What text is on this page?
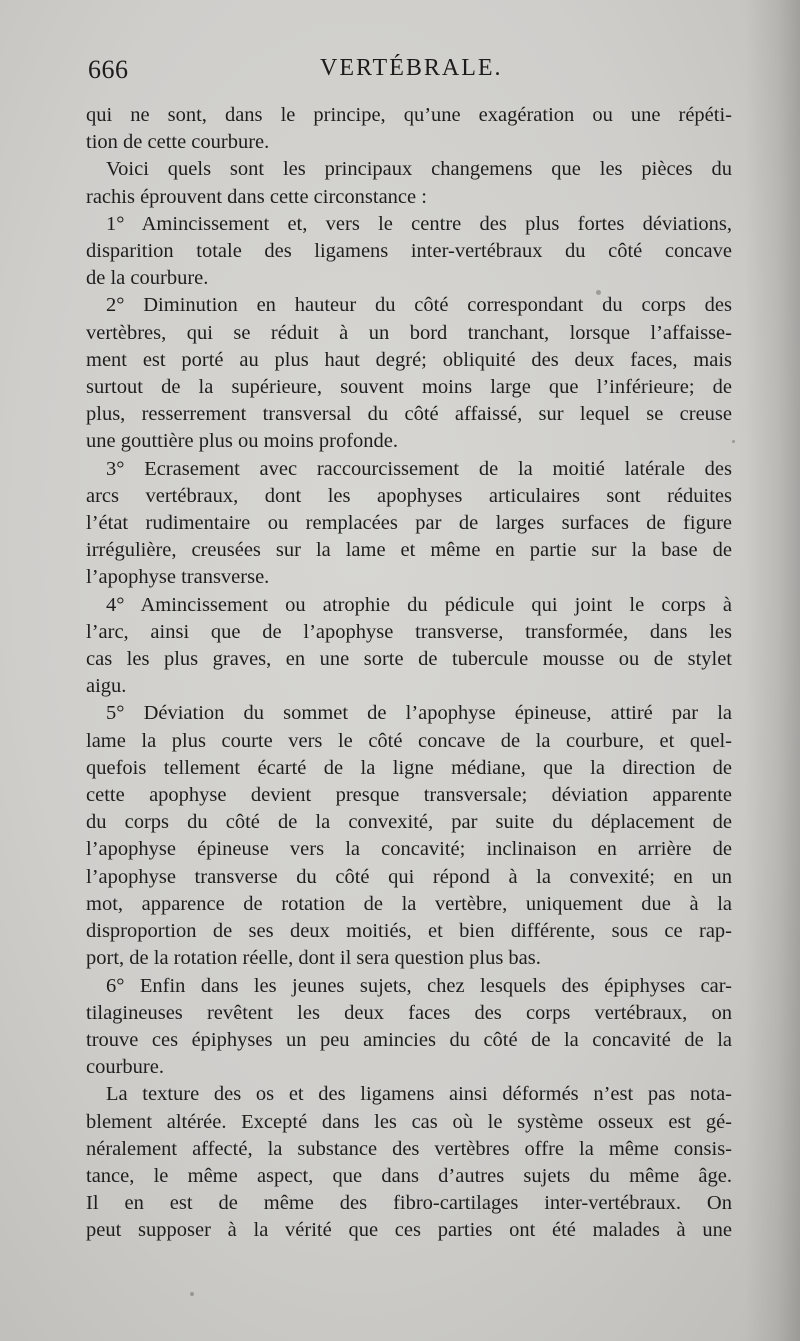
666	VERTÉBRALE.

qui ne sont, dans le principe, qu’une exagération ou une répéti-
tion de cette courbure.

Voici quels sont les principaux changemens que les pièces du
rachis éprouvent dans cette circonstance :

1° Amincissement et, vers le centre des plus fortes déviations,
disparition totale des ligamens inter-vertébraux du côté concave
de la courbure.

2° Diminution en hauteur du côté correspondant du corps des
vertèbres, qui se réduit à un bord tranchant, lorsque l’affaisse-
ment est porté au plus haut degré; obliquité des deux faces, mais
surtout de la supérieure, souvent moins large que l’inférieure; de
plus, resserrement transversal du côté affaissé, sur lequel se creuse
une gouttière plus ou moins profonde.

3° Ecrasement avec raccourcissement de la moitié latérale des
arcs vertébraux, dont les apophyses articulaires sont réduites
l’état rudimentaire ou remplacées par de larges surfaces de figure
irrégulière, creusées sur la lame et même en partie sur la base de
l’apophyse transverse.

4° Amincissement ou atrophie du pédicule qui joint le corps à
l’arc, ainsi que de l’apophyse transverse, transformée, dans les
cas les plus graves, en une sorte de tubercule mousse ou de stylet
aigu.

5° Déviation du sommet de l’apophyse épineuse, attiré par la
lame la plus courte vers le côté concave de la courbure, et quel-
quefois tellement écarté de la ligne médiane, que la direction de
cette apophyse devient presque transversale; déviation apparente
du corps du côté de la convexité, par suite du déplacement de
l’apophyse épineuse vers la concavité; inclinaison en arrière de
l’apophyse transverse du côté qui répond à la convexité; en un
mot, apparence de rotation de la vertèbre, uniquement due à la
disproportion de ses deux moitiés, et bien différente, sous ce rap-
port, de la rotation réelle, dont il sera question plus bas.

6° Enfin dans les jeunes sujets, chez lesquels des épiphyses car-
tilagineuses revêtent les deux faces des corps vertébraux, on
trouve ces épiphyses un peu amincies du côté de la concavité de la
courbure.

La texture des os et des ligamens ainsi déformés n’est pas nota-
blement altérée. Excepté dans les cas où le système osseux est gé-
néralement affecté, la substance des vertèbres offre la même consis-
tance, le même aspect, que dans d’autres sujets du même âge.
Il en est de même des fibro-cartilages inter-vertébraux. On
peut supposer à la vérité que ces parties ont été malades à une
